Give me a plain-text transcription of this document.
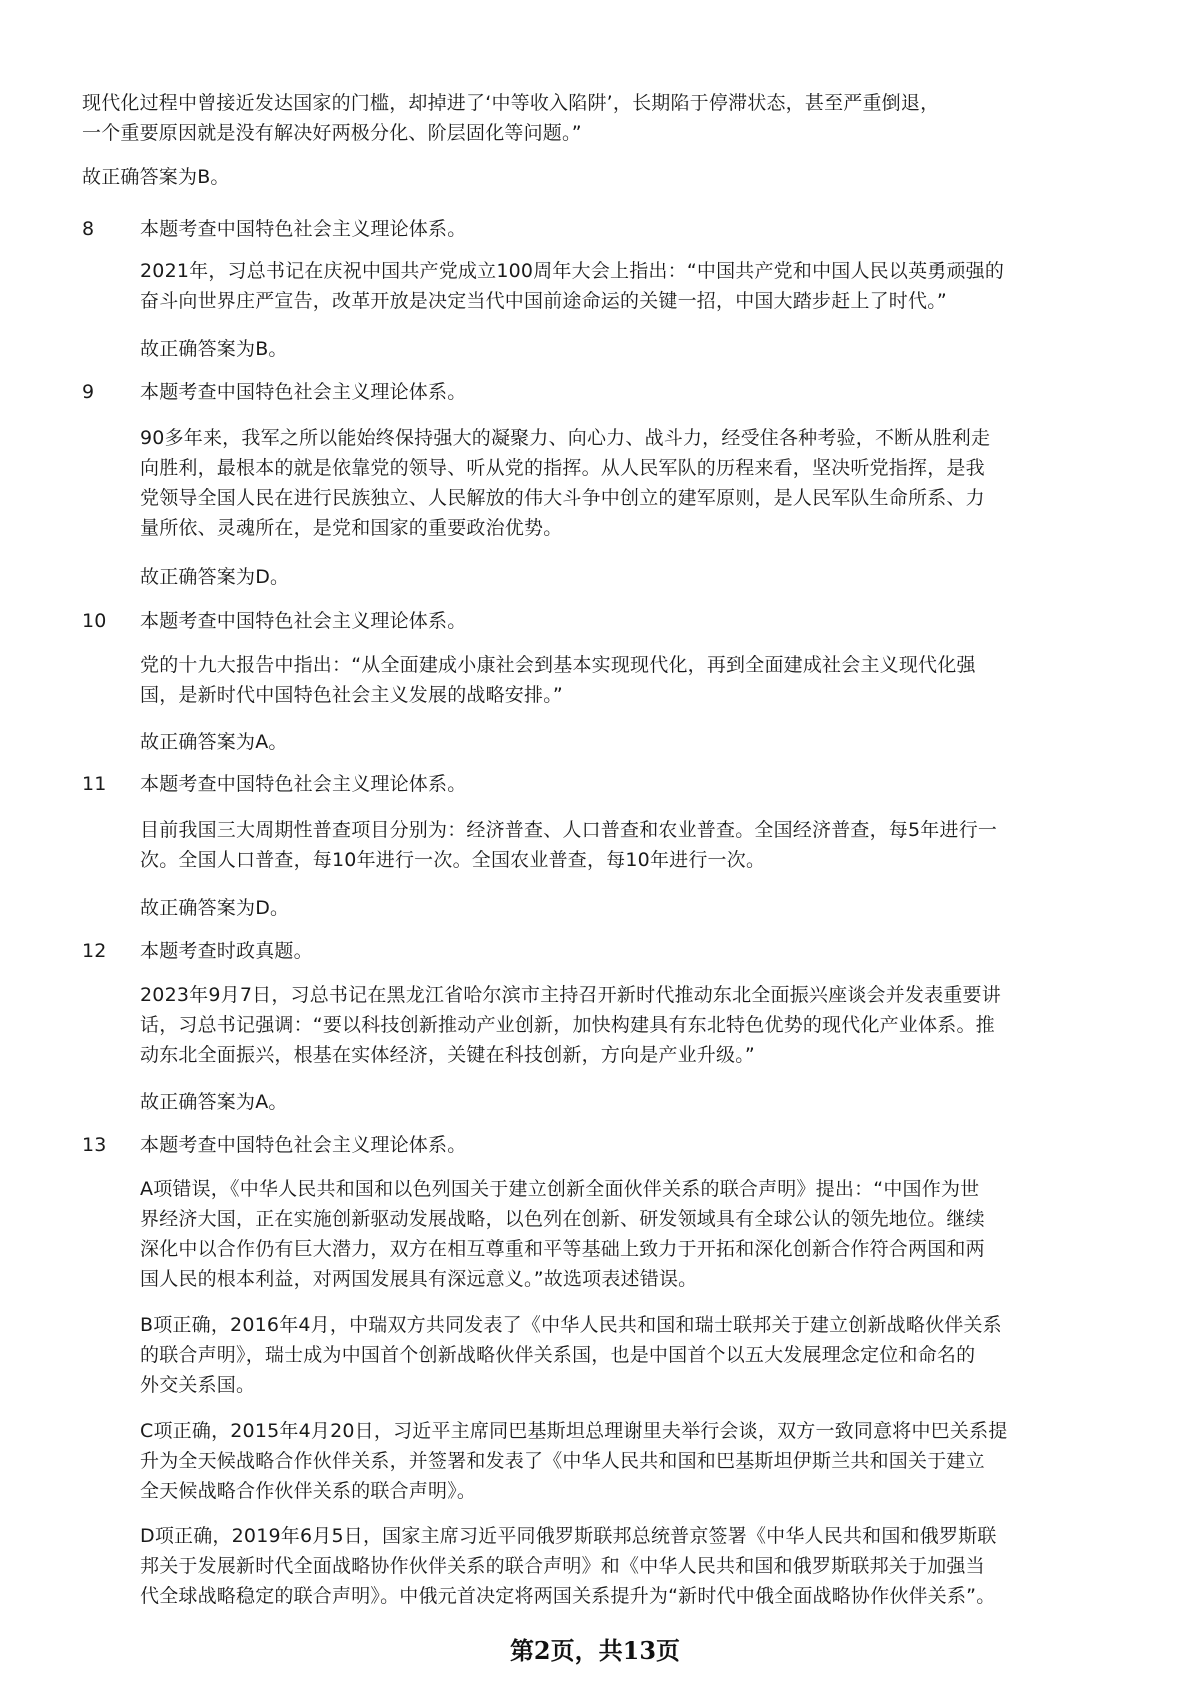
现代化过程中曾接近发达国家的门槛，却掉进了‘中等收入陷阱’，长期陷于停滞状态，甚至严重倒退，
一个重要原因就是没有解决好两极分化、阶层固化等问题。”
故正确答案为B。
8	本题考查中国特色社会主义理论体系。
2021年，习总书记在庆祝中国共产党成立100周年大会上指出：“中国共产党和中国人民以英勇顽强的
奋斗向世界庄严宣告，改革开放是决定当代中国前途命运的关键一招，中国大踏步赶上了时代。”
故正确答案为B。
9	本题考查中国特色社会主义理论体系。
90多年来，我军之所以能始终保持强大的凝聚力、向心力、战斗力，经受住各种考验，不断从胜利走
向胜利，最根本的就是依靠党的领导、听从党的指挥。从人民军队的历程来看，坚决听党指挥，是我
党领导全国人民在进行民族独立、人民解放的伟大斗争中创立的建军原则，是人民军队生命所系、力
量所依、灵魂所在，是党和国家的重要政治优势。
故正确答案为D。
10	本题考查中国特色社会主义理论体系。
党的十九大报告中指出：“从全面建成小康社会到基本实现现代化，再到全面建成社会主义现代化强
国，是新时代中国特色社会主义发展的战略安排。”
故正确答案为A。
11	本题考查中国特色社会主义理论体系。
目前我国三大周期性普查项目分别为：经济普查、人口普查和农业普查。全国经济普查，每5年进行一
次。全国人口普查，每10年进行一次。全国农业普查，每10年进行一次。
故正确答案为D。
12	本题考查时政真题。
2023年9月7日，习总书记在黑龙江省哈尔滨市主持召开新时代推动东北全面振兴座谈会并发表重要讲
话，习总书记强调：“要以科技创新推动产业创新，加快构建具有东北特色优势的现代化产业体系。推
动东北全面振兴，根基在实体经济，关键在科技创新，方向是产业升级。”
故正确答案为A。
13	本题考查中国特色社会主义理论体系。
A项错误，《中华人民共和国和以色列国关于建立创新全面伙伴关系的联合声明》提出：“中国作为世
界经济大国，正在实施创新驱动发展战略，以色列在创新、研发领域具有全球公认的领先地位。继续
深化中以合作仍有巨大潜力，双方在相互尊重和平等基础上致力于开拓和深化创新合作符合两国和两
国人民的根本利益，对两国发展具有深远意义。”故选项表述错误。
B项正确，2016年4月，中瑞双方共同发表了《中华人民共和国和瑞士联邦关于建立创新战略伙伴关系
的联合声明》，瑞士成为中国首个创新战略伙伴关系国，也是中国首个以五大发展理念定位和命名的
外交关系国。
C项正确，2015年4月20日，习近平主席同巴基斯坦总理谢里夫举行会谈，双方一致同意将中巴关系提
升为全天候战略合作伙伴关系，并签署和发表了《中华人民共和国和巴基斯坦伊斯兰共和国关于建立
全天候战略合作伙伴关系的联合声明》。
D项正确，2019年6月5日，国家主席习近平同俄罗斯联邦总统普京签署《中华人民共和国和俄罗斯联
邦关于发展新时代全面战略协作伙伴关系的联合声明》和《中华人民共和国和俄罗斯联邦关于加强当
代全球战略稳定的联合声明》。中俄元首决定将两国关系提升为“新时代中俄全面战略协作伙伴关系”。
第2页，共13页
